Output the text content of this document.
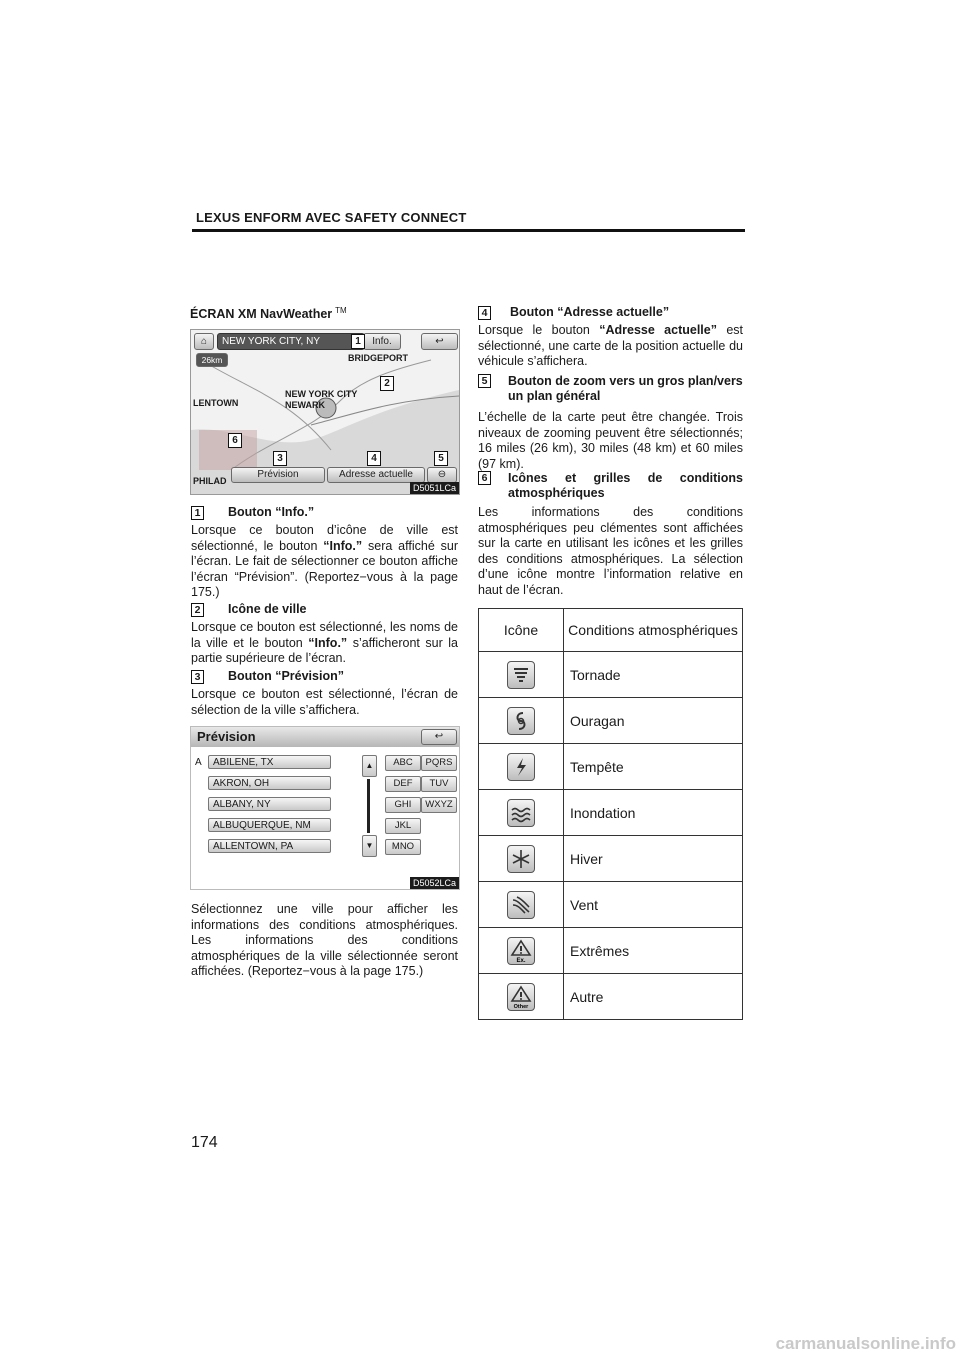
LEXUS ENFORM AVEC SAFETY CONNECT
ÉCRAN XM NavWeather ™
⌂	NEW YORK CITY, NY	Info.	↩
26km	BRIDGEPORT
LENTOWN
NEW YORK CITY
NEWARK
PHILAD
Prévision	Adresse actuelle	⊖
D5051LCa
1
2
3	4	5
6
1 Bouton “Info.”
Lorsque ce bouton d’icône de ville est sélectionné, le bouton “Info.” sera affiché sur l’écran. Le fait de sélectionner ce bouton affiche l’écran “Prévision”. (Reportez−vous à la page 175.)
2 Icône de ville
Lorsque ce bouton est sélectionné, les noms de la ville et le bouton “Info.” s’afficheront sur la partie supérieure de l’écran.
3 Bouton “Prévision”
Lorsque ce bouton est sélectionné, l’écran de sélection de la ville s’affichera.
Prévision	↩
A	ABILENE, TX
AKRON, OH
ALBANY, NY
ALBUQUERQUE, NM
ALLENTOWN, PA
▲
▼
ABC	PQRS
DEF	TUV
GHI	WXYZ
JKL
MNO
D5052LCa
Sélectionnez une ville pour afficher les informations des conditions atmosphériques. Les informations des conditions atmosphériques de la ville sélectionnée seront affichées. (Reportez−vous à la page 175.)
4 Bouton “Adresse actuelle”
Lorsque le bouton “Adresse actuelle” est sélectionné, une carte de la position actuelle du véhicule s’affichera.
5 Bouton de zoom vers un gros plan/vers un plan général
L’échelle de la carte peut être changée. Trois niveaux de zooming peuvent être sélectionnés; 16 miles (26 km), 30 miles (48 km) et 60 miles (97 km).
6 Icônes et grilles de conditions atmosphériques
Les informations des conditions atmosphériques peu clémentes sont affichées sur la carte en utilisant les icônes et les grilles des conditions atmosphériques. La sélection d’une icône montre l’information relative en haut de l’écran.
Icône	Conditions atmosphériques
	Tornade
	Ouragan
	Tempête
	Inondation
	Hiver
	Vent

Ex.	Extrêmes

Other	Autre
174
carmanualsonline.info
